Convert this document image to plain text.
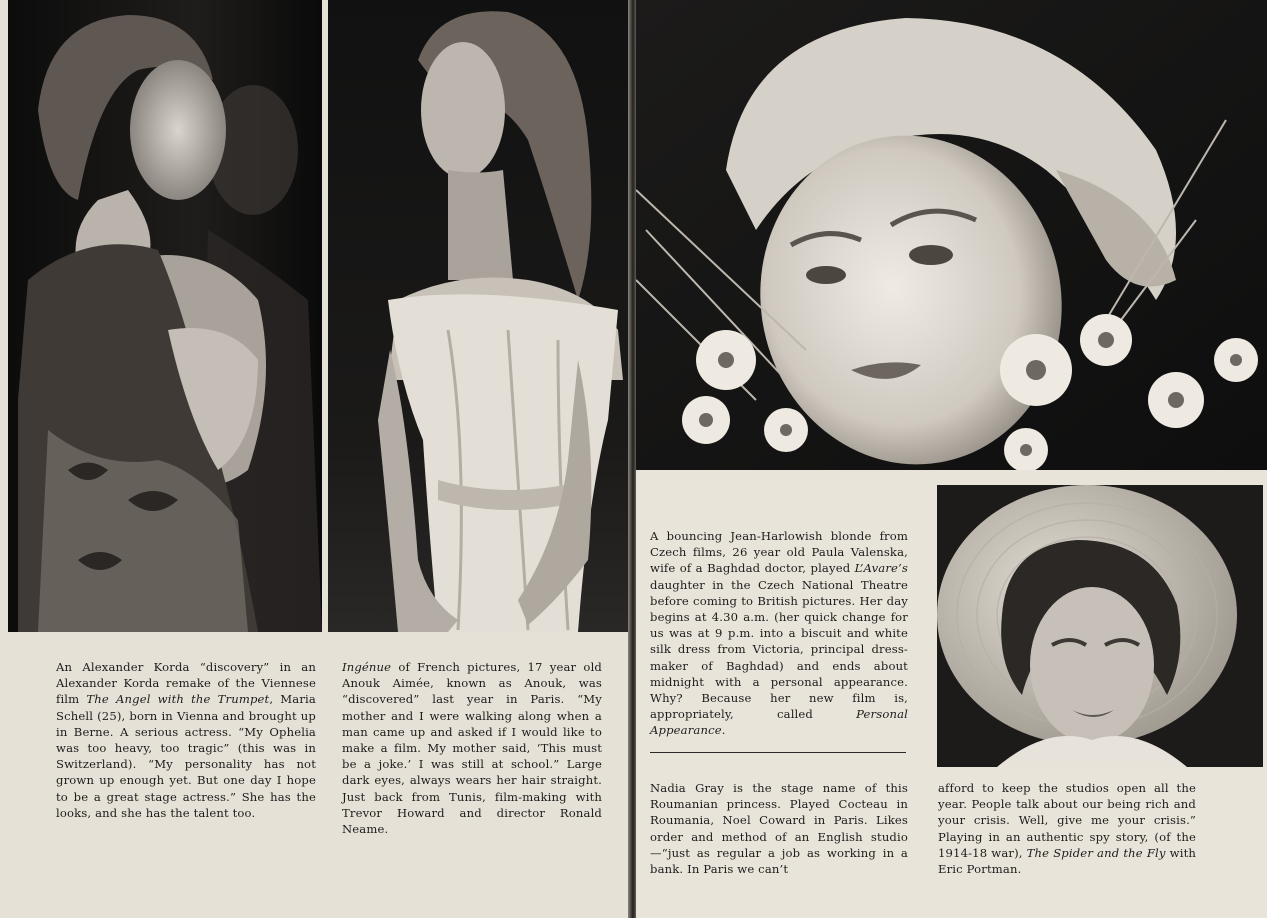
An Alexander Korda “discovery” in an Alexander Korda remake of the Viennese film The Angel with the Trumpet, Maria Schell (25), born in Vienna and brought up in Berne. A serious actress. “My Ophelia was too heavy, too tragic” (this was in Switzerland). “My personality has not grown up enough yet. But one day I hope to be a great stage actress.” She has the looks, and she has the talent too.
Ingénue of French pictures, 17 year old Anouk Aimée, known as Anouk, was “discovered” last year in Paris. “My mother and I were walking along when a man came up and asked if I would like to make a film. My mother said, ‘This must be a joke.’ I was still at school.” Large dark eyes, always wears her hair straight. Just back from Tunis, film-making with Trevor Howard and director Ronald Neame.
A bouncing Jean-Harlowish blonde from Czech films, 26 year old Paula Valenska, wife of a Baghdad doctor, played L’Avare’s daughter in the Czech National Theatre before coming to British pictures. Her day begins at 4.30 a.m. (her quick change for us was at 9 p.m. into a biscuit and white silk dress from Victoria, principal dress-maker of Baghdad) and ends about midnight with a personal appearance. Why? Because her new film is, appropriately, called Personal Appearance.
Nadia Gray is the stage name of this Roumanian princess. Played Cocteau in Roumania, Noel Coward in Paris. Likes order and method of an English studio—“just as regular a job as working in a bank. In Paris we can’t
afford to keep the studios open all the year. People talk about our being rich and your crisis. Well, give me your crisis.” Playing in an authentic spy story, (of the 1914-18 war), The Spider and the Fly with Eric Portman.
